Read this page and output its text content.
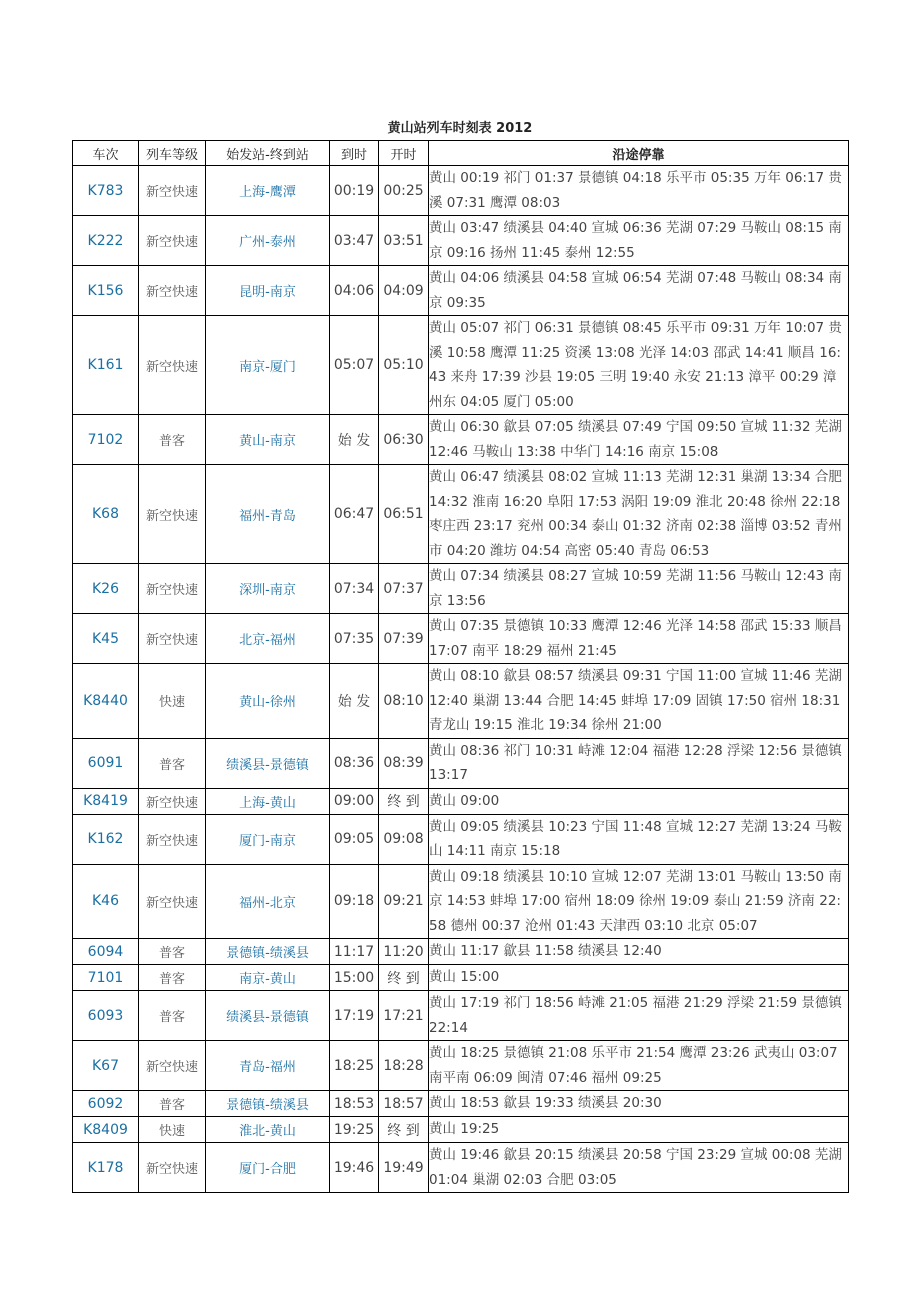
黄山站列车时刻表 2012
车次	列车等级	始发站-终到站	到时	开时	沿途停靠
K783	新空快速	上海-鹰潭	00:19	00:25	黄山 00:19 祁门 01:37 景德镇 04:18 乐平市 05:35 万年 06:17 贵溪 07:31 鹰潭 08:03
K222	新空快速	广州-泰州	03:47	03:51	黄山 03:47 绩溪县 04:40 宣城 06:36 芜湖 07:29 马鞍山 08:15 南京 09:16 扬州 11:45 泰州 12:55
K156	新空快速	昆明-南京	04:06	04:09	黄山 04:06 绩溪县 04:58 宣城 06:54 芜湖 07:48 马鞍山 08:34 南京 09:35
K161	新空快速	南京-厦门	05:07	05:10	黄山 05:07 祁门 06:31 景德镇 08:45 乐平市 09:31 万年 10:07 贵溪 10:58 鹰潭 11:25 资溪 13:08 光泽 14:03 邵武 14:41 顺昌 16:43 来舟 17:39 沙县 19:05 三明 19:40 永安 21:13 漳平 00:29 漳州东 04:05 厦门 05:00
7102	普客	黄山-南京	始 发	06:30	黄山 06:30 歙县 07:05 绩溪县 07:49 宁国 09:50 宣城 11:32 芜湖 12:46 马鞍山 13:38 中华门 14:16 南京 15:08
K68	新空快速	福州-青岛	06:47	06:51	黄山 06:47 绩溪县 08:02 宣城 11:13 芜湖 12:31 巢湖 13:34 合肥 14:32 淮南 16:20 阜阳 17:53 涡阳 19:09 淮北 20:48 徐州 22:18 枣庄西 23:17 兖州 00:34 泰山 01:32 济南 02:38 淄博 03:52 青州市 04:20 潍坊 04:54 高密 05:40 青岛 06:53
K26	新空快速	深圳-南京	07:34	07:37	黄山 07:34 绩溪县 08:27 宣城 10:59 芜湖 11:56 马鞍山 12:43 南京 13:56
K45	新空快速	北京-福州	07:35	07:39	黄山 07:35 景德镇 10:33 鹰潭 12:46 光泽 14:58 邵武 15:33 顺昌 17:07 南平 18:29 福州 21:45
K8440	快速	黄山-徐州	始 发	08:10	黄山 08:10 歙县 08:57 绩溪县 09:31 宁国 11:00 宣城 11:46 芜湖 12:40 巢湖 13:44 合肥 14:45 蚌埠 17:09 固镇 17:50 宿州 18:31 青龙山 19:15 淮北 19:34 徐州 21:00
6091	普客	绩溪县-景德镇	08:36	08:39	黄山 08:36 祁门 10:31 峙滩 12:04 福港 12:28 浮梁 12:56 景德镇 13:17
K8419	新空快速	上海-黄山	09:00	终 到	黄山 09:00
K162	新空快速	厦门-南京	09:05	09:08	黄山 09:05 绩溪县 10:23 宁国 11:48 宣城 12:27 芜湖 13:24 马鞍山 14:11 南京 15:18
K46	新空快速	福州-北京	09:18	09:21	黄山 09:18 绩溪县 10:10 宣城 12:07 芜湖 13:01 马鞍山 13:50 南京 14:53 蚌埠 17:00 宿州 18:09 徐州 19:09 泰山 21:59 济南 22:58 德州 00:37 沧州 01:43 天津西 03:10 北京 05:07
6094	普客	景德镇-绩溪县	11:17	11:20	黄山 11:17 歙县 11:58 绩溪县 12:40
7101	普客	南京-黄山	15:00	终 到	黄山 15:00
6093	普客	绩溪县-景德镇	17:19	17:21	黄山 17:19 祁门 18:56 峙滩 21:05 福港 21:29 浮梁 21:59 景德镇 22:14
K67	新空快速	青岛-福州	18:25	18:28	黄山 18:25 景德镇 21:08 乐平市 21:54 鹰潭 23:26 武夷山 03:07 南平南 06:09 闽清 07:46 福州 09:25
6092	普客	景德镇-绩溪县	18:53	18:57	黄山 18:53 歙县 19:33 绩溪县 20:30
K8409	快速	淮北-黄山	19:25	终 到	黄山 19:25
K178	新空快速	厦门-合肥	19:46	19:49	黄山 19:46 歙县 20:15 绩溪县 20:58 宁国 23:29 宣城 00:08 芜湖 01:04 巢湖 02:03 合肥 03:05
